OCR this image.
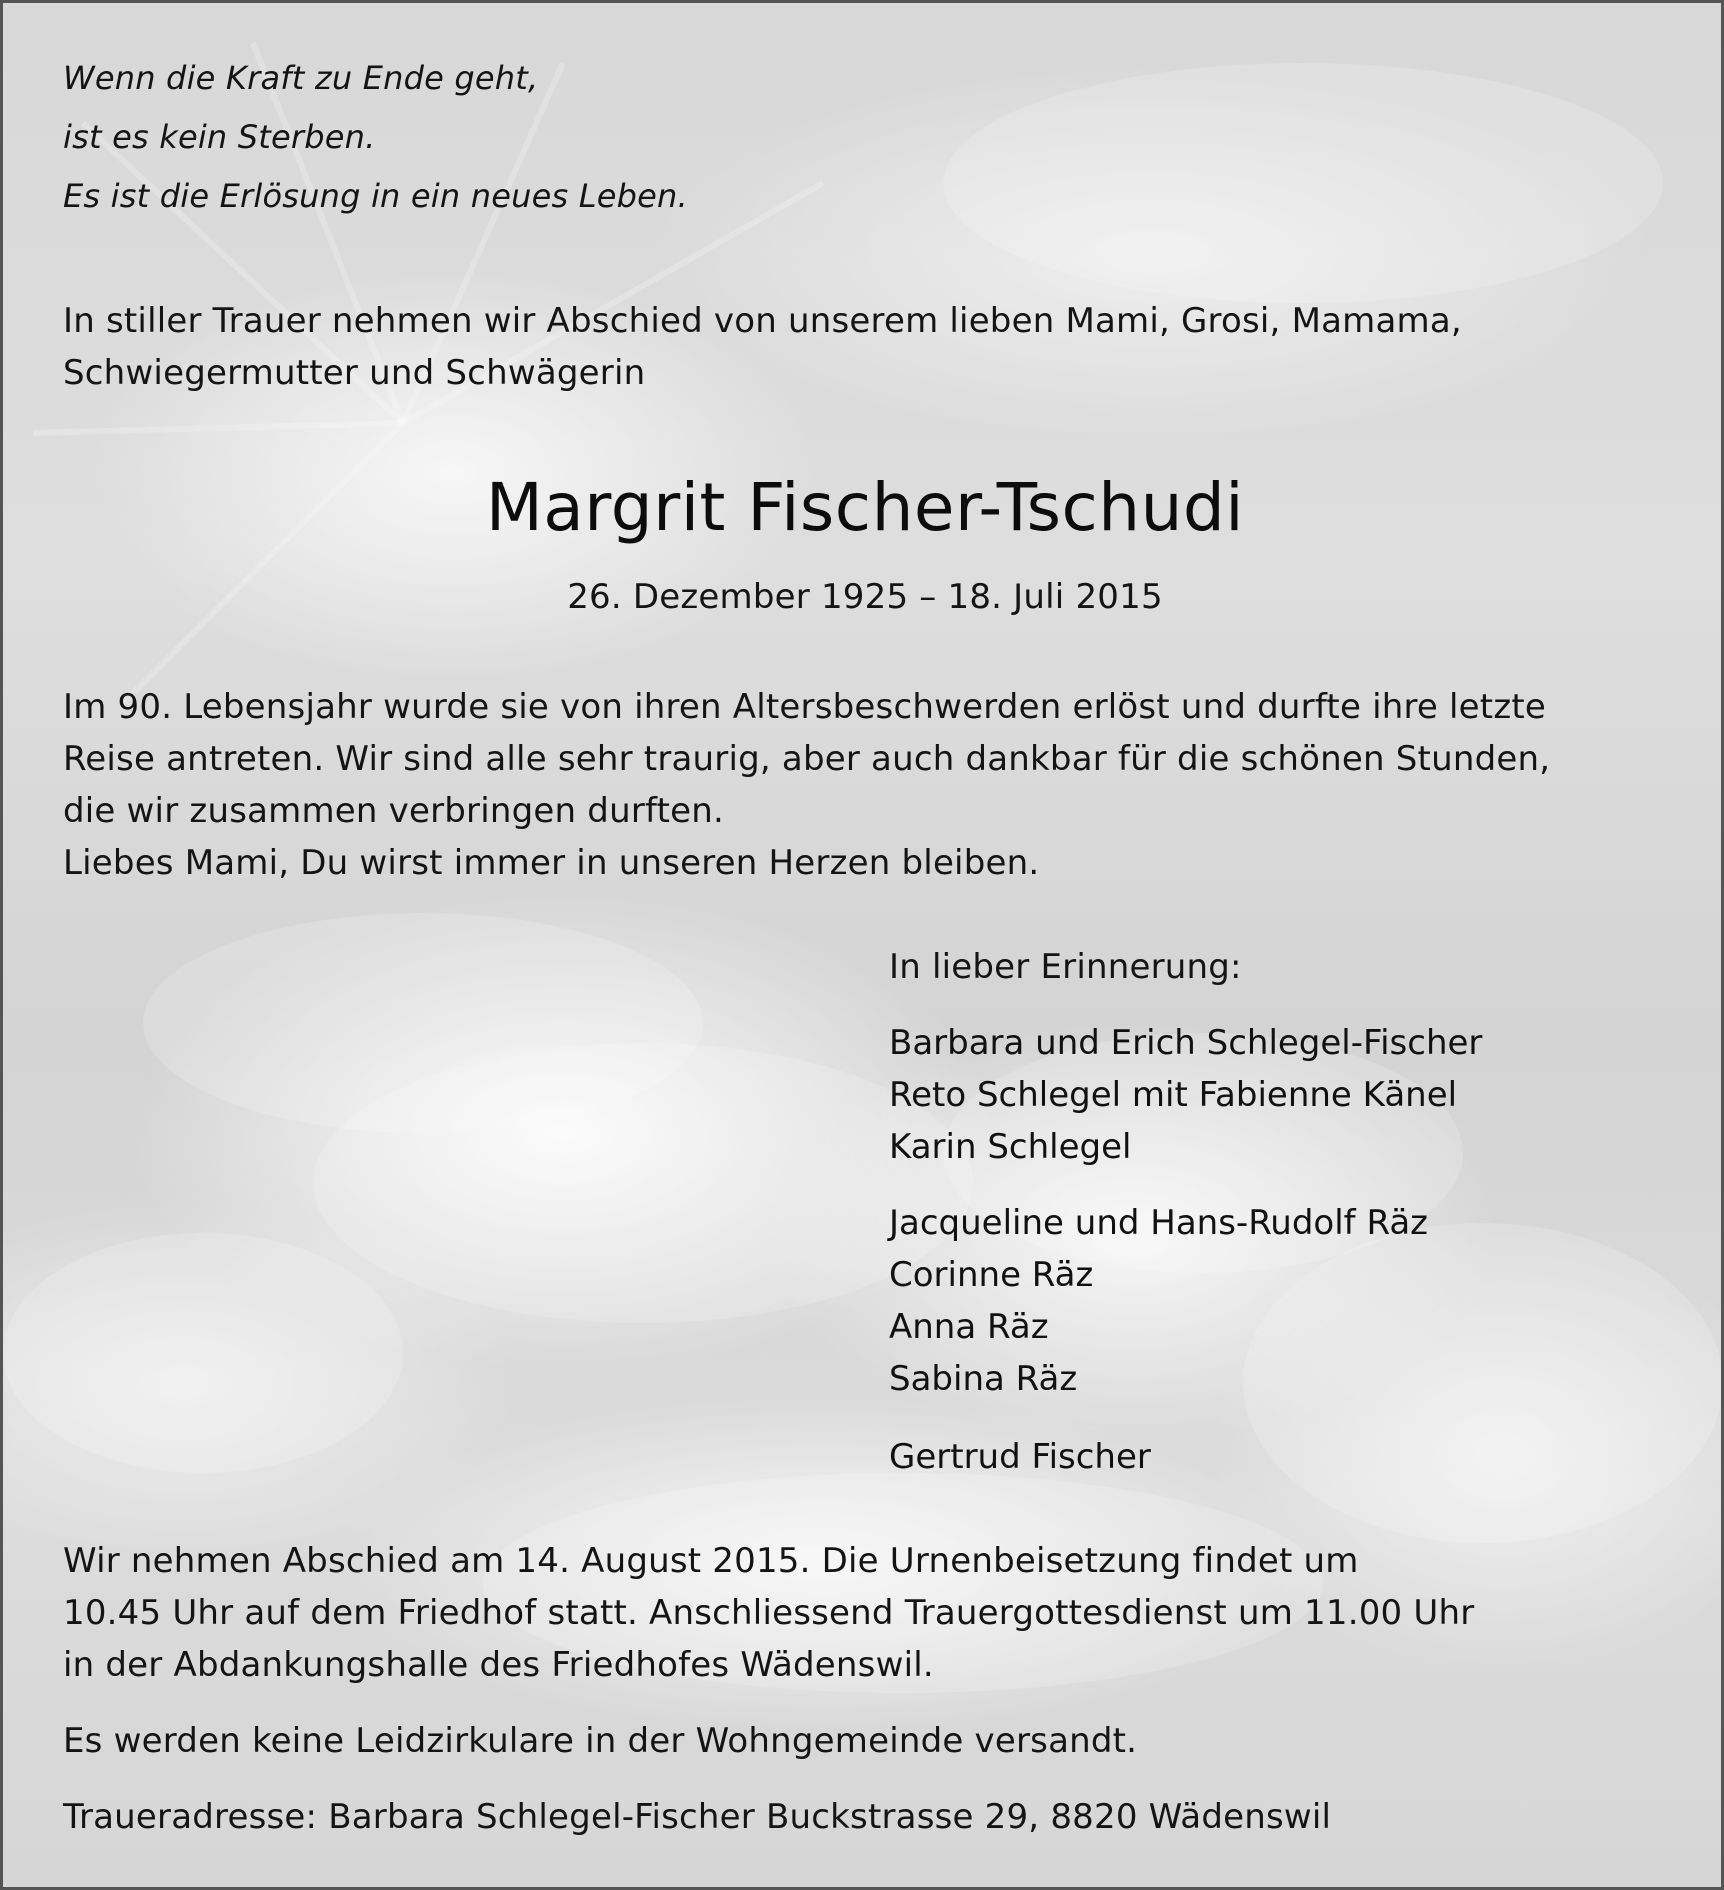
Wenn die Kraft zu Ende geht,

ist es kein Sterben.

Es ist die Erlösung in ein neues Leben.

In stiller Trauer nehmen wir Abschied von unserem lieben Mami, Grosi, Mamama,

Schwiegermutter und Schwägerin

Margrit Fischer-Tschudi

26. Dezember 1925 – 18. Juli 2015

Im 90. Lebensjahr wurde sie von ihren Altersbeschwerden erlöst und durfte ihre letzte

Reise antreten. Wir sind alle sehr traurig, aber auch dankbar für die schönen Stunden,

die wir zusammen verbringen durften.

Liebes Mami, Du wirst immer in unseren Herzen bleiben.

In lieber Erinnerung:

Barbara und Erich Schlegel-Fischer
Reto Schlegel mit Fabienne Känel
Karin Schlegel
Jacqueline und Hans-Rudolf Räz
Corinne Räz
Anna Räz
Sabina Räz
Gertrud Fischer

Wir nehmen Abschied am 14. August 2015. Die Urnenbeisetzung findet um

10.45 Uhr auf dem Friedhof statt. Anschliessend Trauergottesdienst um 11.00 Uhr

in der Abdankungshalle des Friedhofes Wädenswil.

Es werden keine Leidzirkulare in der Wohngemeinde versandt.

Traueradresse: Barbara Schlegel-Fischer Buckstrasse 29, 8820 Wädenswil
